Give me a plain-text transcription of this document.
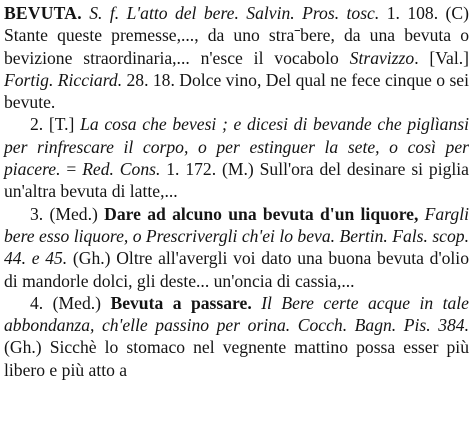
BEVUTA. S. f. L'atto del bere. Salvin. Pros. tosc. 1. 108. (C) Stante queste premesse,..., da uno straˉbere, da una bevuta o bevizione straordinaria,... n'esce il vocabolo Stravizzo. [Val.] Fortig. Ricciard. 28. 18. Dolce vino, Del qual ne fece cinque o sei bevute.

2. [T.] La cosa che bevesi ; e dicesi di bevande che piglìansi per rinfrescare il corpo, o per estinguer la sete, o così per piacere. = Red. Cons. 1. 172. (M.) Sull'ora del desinare si piglia un'altra bevuta di latte,...

3. (Med.) Dare ad alcuno una bevuta d'un liquore, Fargli bere esso liquore, o Prescrivergli ch'ei lo beva. Bertin. Fals. scop. 44. e 45. (Gh.) Oltre all'avergli voi dato una buona bevuta d'olio di mandorle dolci, gli deste... un'oncia di cassia,...

4. (Med.) Bevuta a passare. Il Bere certe acque in tale abbondanza, ch'elle passino per orina. Cocch. Bagn. Pis. 384. (Gh.) Sicchè lo stomaco nel vegnente mattino possa esser più libero e più atto a
